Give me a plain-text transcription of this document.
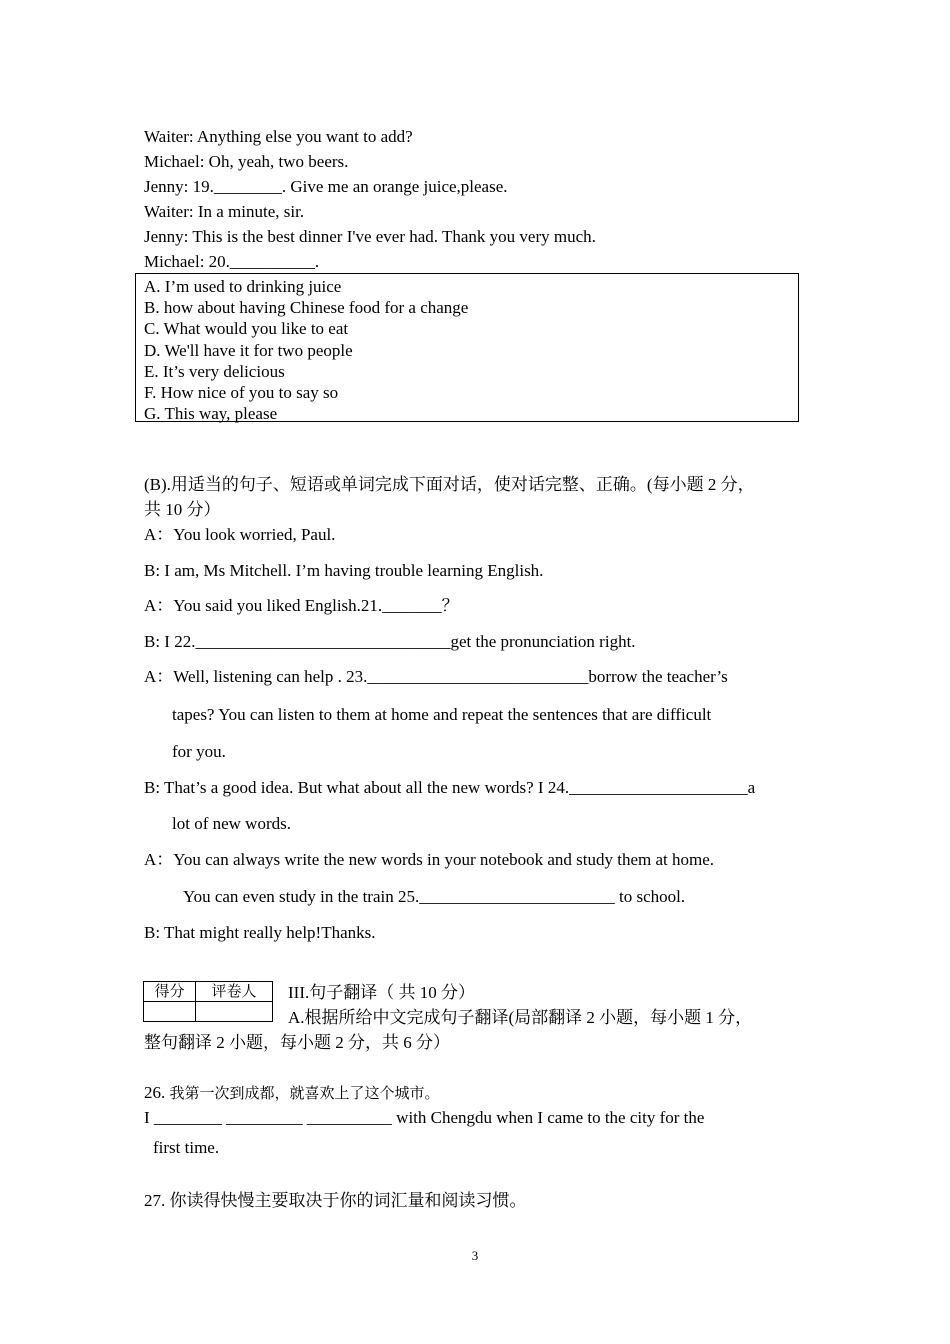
Waiter: Anything else you want to add?
Michael: Oh, yeah, two beers.
Jenny: 19.________. Give me an orange juice,please.
Waiter: In a minute, sir.
Jenny: This is the best dinner I've ever had. Thank you very much.
Michael: 20.__________.
A. I’m used to drinking juice
B. how about having Chinese food for a change
C. What would you like to eat
D. We'll have it for two people
E. It’s very delicious
F. How nice of you to say so
G. This way, please
(B).用适当的句子、短语或单词完成下面对话，使对话完整、正确。(每小题 2 分，
共 10 分）
A：You look worried, Paul.
B: I am, Ms Mitchell. I’m having trouble learning English.
A：You said you liked English.21._______？
B: I 22.______________________________get the pronunciation right.
A：Well, listening can help . 23.__________________________borrow the teacher’s
tapes? You can listen to them at home and repeat the sentences that are difficult
for you.
B: That’s a good idea. But what about all the new words? I 24._____________________a
lot of new words.
A：You can always write the new words in your notebook and study them at home.
You can even study in the train 25._______________________ to school.
B: That might really help!Thanks.
得分	评卷人
	III.句子翻译（ 共 10 分）
A.根据所给中文完成句子翻译(局部翻译 2 小题，每小题 1 分，
整句翻译 2 小题，每小题 2 分，共 6 分）
26. 我第一次到成都，就喜欢上了这个城市。
I ________ _________ __________ with Chengdu when I came to the city for the
first time.
27. 你读得快慢主要取决于你的词汇量和阅读习惯。
3
